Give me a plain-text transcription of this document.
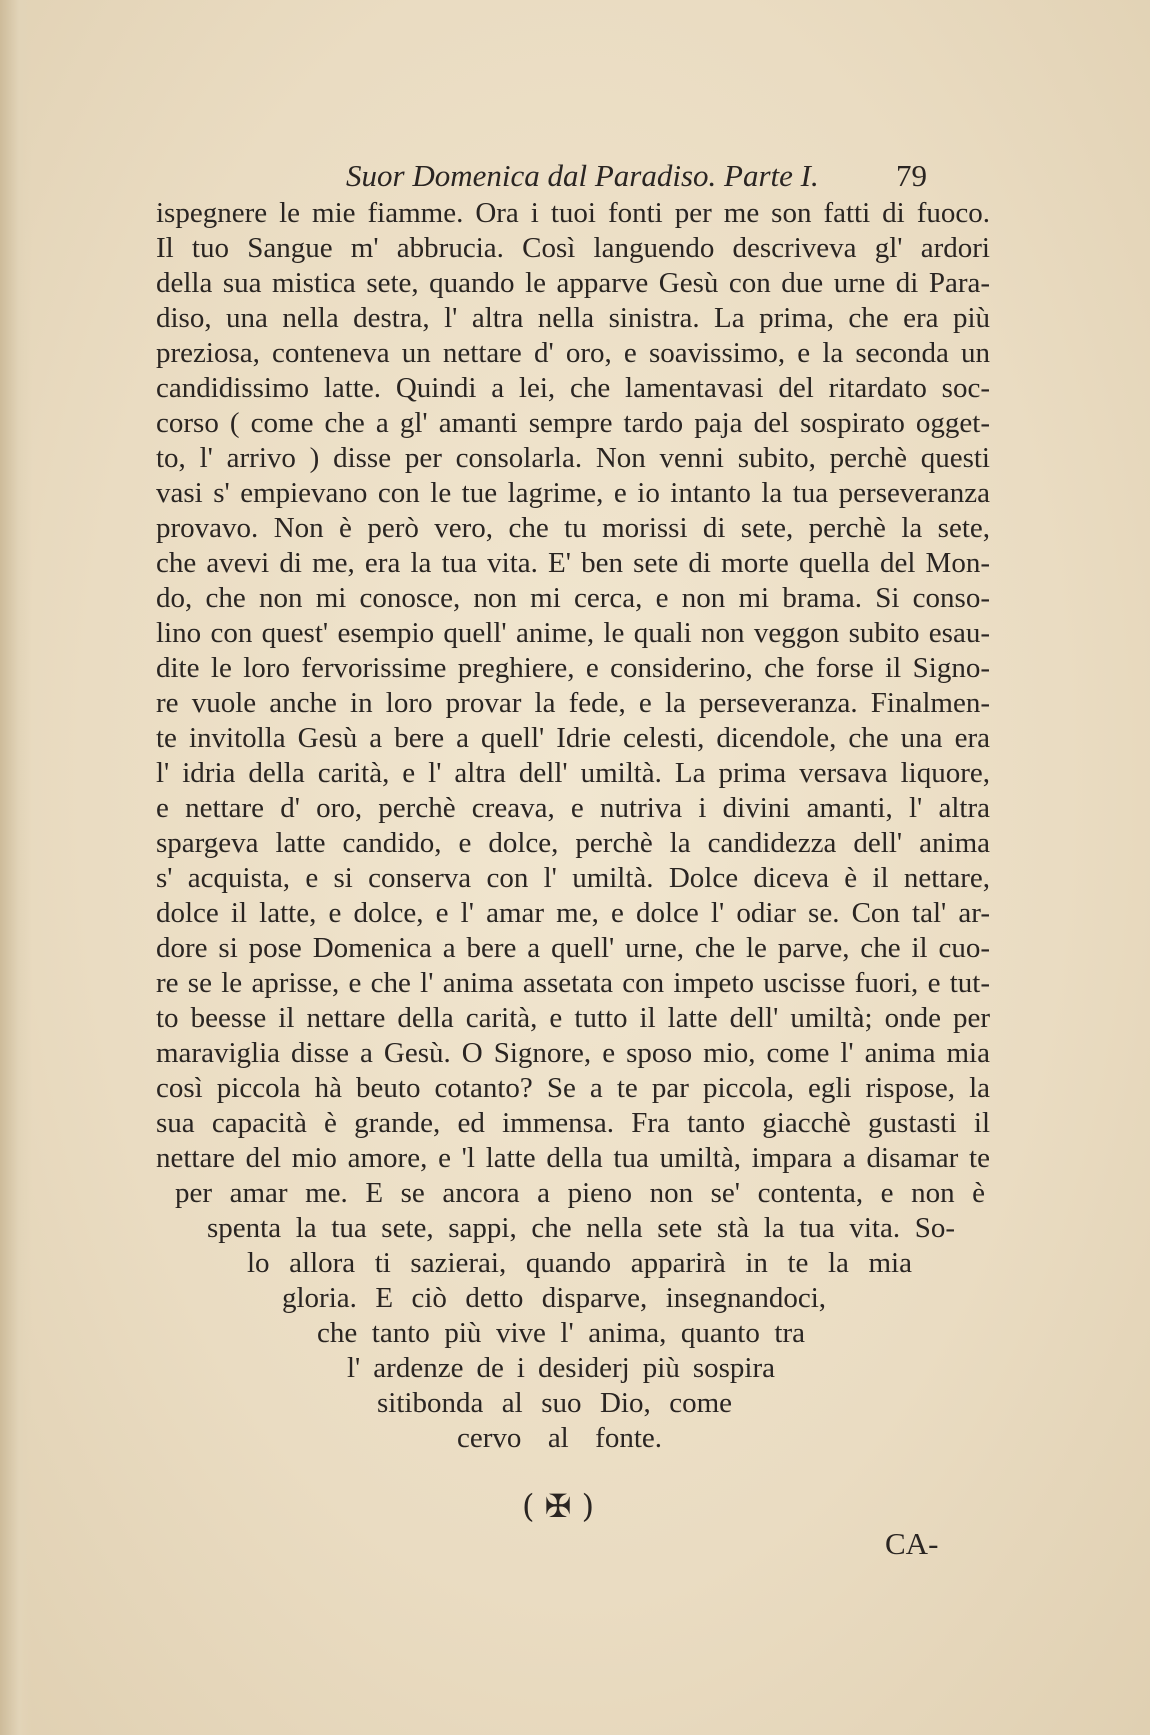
Suor Domenica dal Paradiso. Parte I. 79
ispegnere le mie fiamme. Ora i tuoi fonti per me son fatti di fuoco.
Il tuo Sangue m' abbrucia. Così languendo descriveva gl' ardori
della sua mistica sete, quando le apparve Gesù con due urne di Para-
diso, una nella destra, l' altra nella sinistra. La prima, che era più
preziosa, conteneva un nettare d' oro, e soavissimo, e la seconda un
candidissimo latte. Quindi a lei, che lamentavasi del ritardato soc-
corso ( come che a gl' amanti sempre tardo paja del sospirato ogget-
to, l' arrivo ) disse per consolarla. Non venni subito, perchè questi
vasi s' empievano con le tue lagrime, e io intanto la tua perseveranza
provavo. Non è però vero, che tu morissi di sete, perchè la sete,
che avevi di me, era la tua vita. E' ben sete di morte quella del Mon-
do, che non mi conosce, non mi cerca, e non mi brama. Si conso-
lino con quest' esempio quell' anime, le quali non veggon subito esau-
dite le loro fervorissime preghiere, e considerino, che forse il Signo-
re vuole anche in loro provar la fede, e la perseveranza. Finalmen-
te invitolla Gesù a bere a quell' Idrie celesti, dicendole, che una era
l' idria della carità, e l' altra dell' umiltà. La prima versava liquore,
e nettare d' oro, perchè creava, e nutriva i divini amanti, l' altra
spargeva latte candido, e dolce, perchè la candidezza dell' anima
s' acquista, e si conserva con l' umiltà. Dolce diceva è il nettare,
dolce il latte, e dolce, e l' amar me, e dolce l' odiar se. Con tal' ar-
dore si pose Domenica a bere a quell' urne, che le parve, che il cuo-
re se le aprisse, e che l' anima assetata con impeto uscisse fuori, e tut-
to beesse il nettare della carità, e tutto il latte dell' umiltà; onde per
maraviglia disse a Gesù. O Signore, e sposo mio, come l' anima mia
così piccola hà beuto cotanto? Se a te par piccola, egli rispose, la
sua capacità è grande, ed immensa. Fra tanto giacchè gustasti il
nettare del mio amore, e 'l latte della tua umiltà, impara a disamar te
per amar me. E se ancora a pieno non se' contenta, e non è
spenta la tua sete, sappi, che nella sete stà la tua vita. So-
lo allora ti sazierai, quando apparirà in te la mia
gloria. E ciò detto disparve, insegnandoci,
che tanto più vive l' anima, quanto tra
l' ardenze de i desiderj più sospira
sitibonda al suo Dio, come
cervo al fonte.
( ✠ )
CA-
